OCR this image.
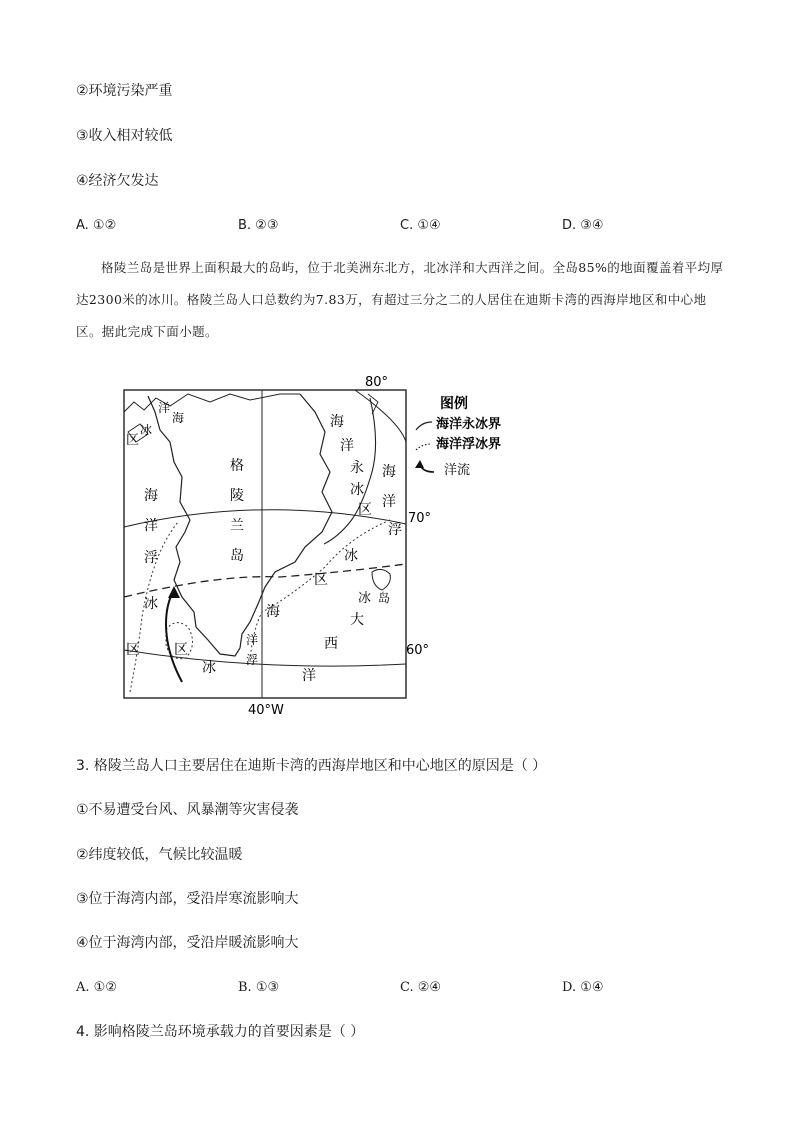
②环境污染严重
③收入相对较低
④经济欠发达
A. ①②	B. ②③	C. ①④	D. ③④
格陵兰岛是世界上面积最大的岛屿，位于北美洲东北方，北冰洋和大西洋之间。全岛85%的地面覆盖着平均厚达2300米的冰川。格陵兰岛人口总数约为7.83万，有超过三分之二的人居住在迪斯卡湾的西海岸地区和中心地区。据此完成下面小题。
80°
70°
60°
40°W
图例
海洋永冰界
海洋浮冰界
洋流
格
陵
兰
岛
海
洋
浮
冰
区
海
洋
永
冰
区
海
洋
浮
冰
区
大
西
洋
洋
海
区
冰
区
冰
洋
浮
海
冰 岛
3. 格陵兰岛人口主要居住在迪斯卡湾的西海岸地区和中心地区的原因是（ ）
①不易遭受台风、风暴潮等灾害侵袭
②纬度较低，气候比较温暖
③位于海湾内部，受沿岸寒流影响大
④位于海湾内部，受沿岸暖流影响大
A. ①②	B. ①③	C. ②④	D. ①④
4. 影响格陵兰岛环境承载力的首要因素是（ ）
